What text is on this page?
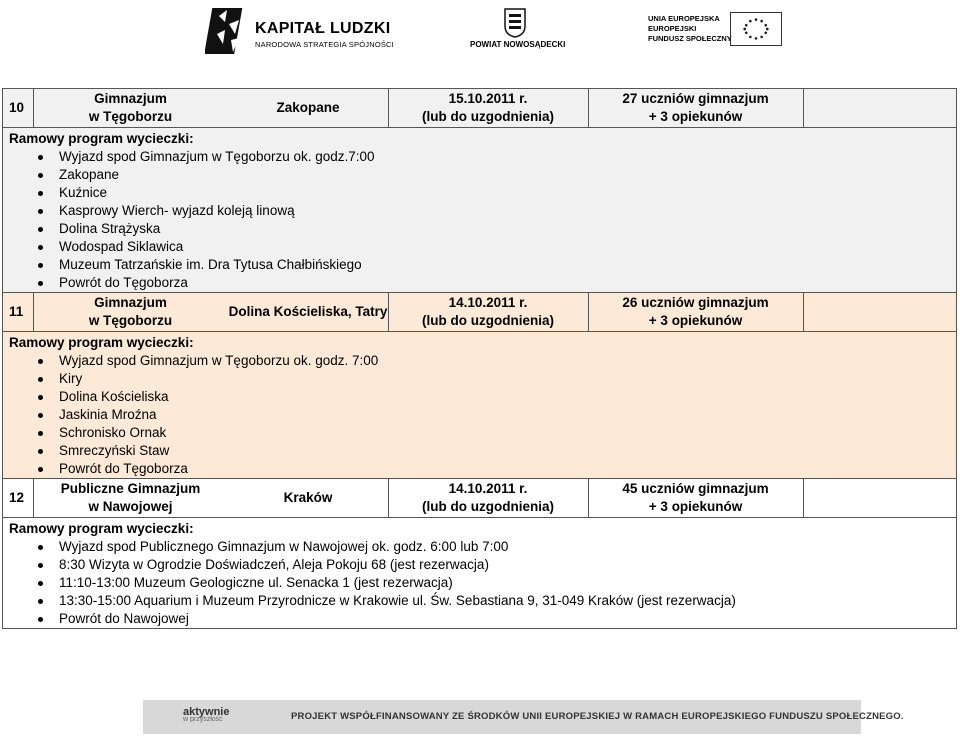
KAPITAŁ LUDZKI
NARODOWA STRATEGIA SPÓJNOŚCI	POWIAT NOWOSĄDECKI
UNIA EUROPEJSKA
EUROPEJSKI
FUNDUSZ SPOŁECZNY
10
Gimnazjum
w Tęgoborzu
Zakopane
15.10.2011 r.
(lub do uzgodnienia)
27 uczniów gimnazjum
+ 3 opiekunów
Ramowy program wycieczki:
Wyjazd spod Gimnazjum w Tęgoborzu ok. godz.7:00
Zakopane
Kuźnice
Kasprowy Wierch- wyjazd koleją linową
Dolina Strążyska
Wodospad Siklawica
Muzeum Tatrzańskie im. Dra Tytusa Chałbińskiego
Powrót do Tęgoborza
11
Gimnazjum
w Tęgoborzu
Dolina Kościeliska, Tatry
14.10.2011 r.
(lub do uzgodnienia)
26 uczniów gimnazjum
+ 3 opiekunów
Ramowy program wycieczki:
Wyjazd spod Gimnazjum w Tęgoborzu ok. godz. 7:00
Kiry
Dolina Kościeliska
Jaskinia Mroźna
Schronisko Ornak
Smreczyński Staw
Powrót do Tęgoborza
12
Publiczne Gimnazjum
w Nawojowej
Kraków
14.10.2011 r.
(lub do uzgodnienia)
45 uczniów gimnazjum
+ 3 opiekunów
Ramowy program wycieczki:
Wyjazd spod Publicznego Gimnazjum w Nawojowej ok. godz. 6:00 lub 7:00
8:30 Wizyta w Ogrodzie Doświadczeń, Aleja Pokoju 68 (jest rezerwacja)
11:10-13:00 Muzeum Geologiczne ul. Senacka 1 (jest rezerwacja)
13:30-15:00 Aquarium i Muzeum Przyrodnicze w Krakowie ul. Św. Sebastiana 9, 31-049 Kraków (jest rezerwacja)
Powrót do Nawojowej
aktywnie
w przyszłość	PROJEKT WSPÓŁFINANSOWANY ZE ŚRODKÓW UNII EUROPEJSKIEJ W RAMACH EUROPEJSKIEGO FUNDUSZU SPOŁECZNEGO.
